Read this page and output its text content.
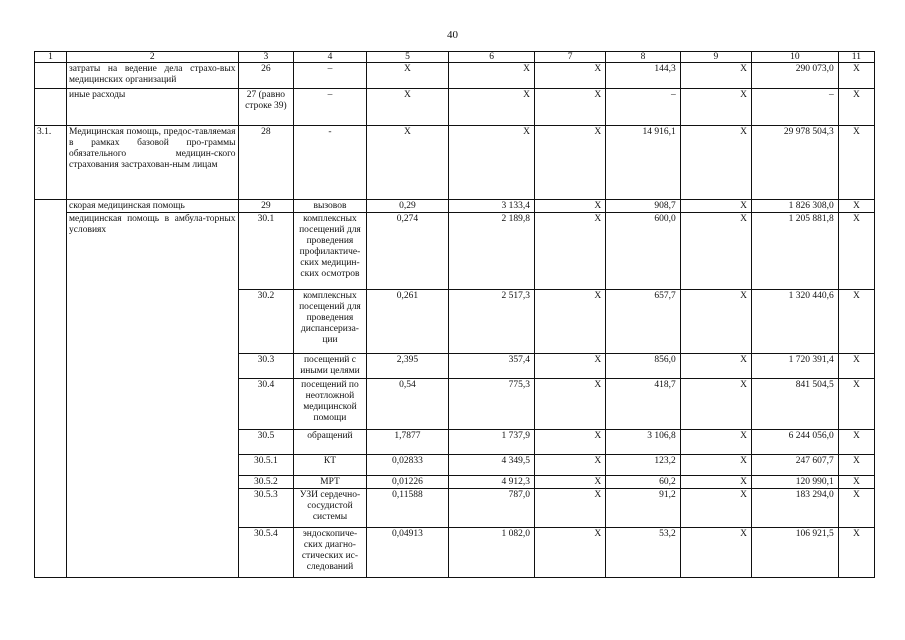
40
1	2	3	4	5	6	7	8	9	10	11
	затраты на ведение дела страхо-вых медицинских организаций	26	–	Х	Х	Х	144,3	Х	290 073,0	Х
	иные расходы	27 (равно строке 39)	–	Х	Х	Х	–	Х	–	Х
3.1.	Медицинская помощь, предос-тавляемая в рамках базовой про-граммы обязательного медицин-ского страхования застрахован-ным лицам	28	-	Х	Х	Х	14 916,1	Х	29 978 504,3	Х
	скорая медицинская помощь	29	вызовов	0,29	3 133,4	Х	908,7	Х	1 826 308,0	Х
	медицинская помощь в амбула-торных условиях	30.1	комплексных посещений для проведения профилактиче-ских медицин-ских осмотров	0,274	2 189,8	Х	600,0	Х	1 205 881,8	Х
		30.2	комплексных посещений для проведения диспансериза-ции	0,261	2 517,3	Х	657,7	Х	1 320 440,6	Х
		30.3	посещений с иными целями	2,395	357,4	Х	856,0	Х	1 720 391,4	Х
		30.4	посещений по неотложной медицинской помощи	0,54	775,3	Х	418,7	Х	841 504,5	Х
		30.5	обращений	1,7877	1 737,9	Х	3 106,8	Х	6 244 056,0	Х
		30.5.1	КТ	0,02833	4 349,5	Х	123,2	Х	247 607,7	Х
		30.5.2	МРТ	0,01226	4 912,3	Х	60,2	Х	120 990,1	Х
		30.5.3	УЗИ сердечно-сосудистой системы	0,11588	787,0	Х	91,2	Х	183 294,0	Х
		30.5.4	эндоскопиче-ских диагно-стических ис-следований	0,04913	1 082,0	Х	53,2	Х	106 921,5	Х
